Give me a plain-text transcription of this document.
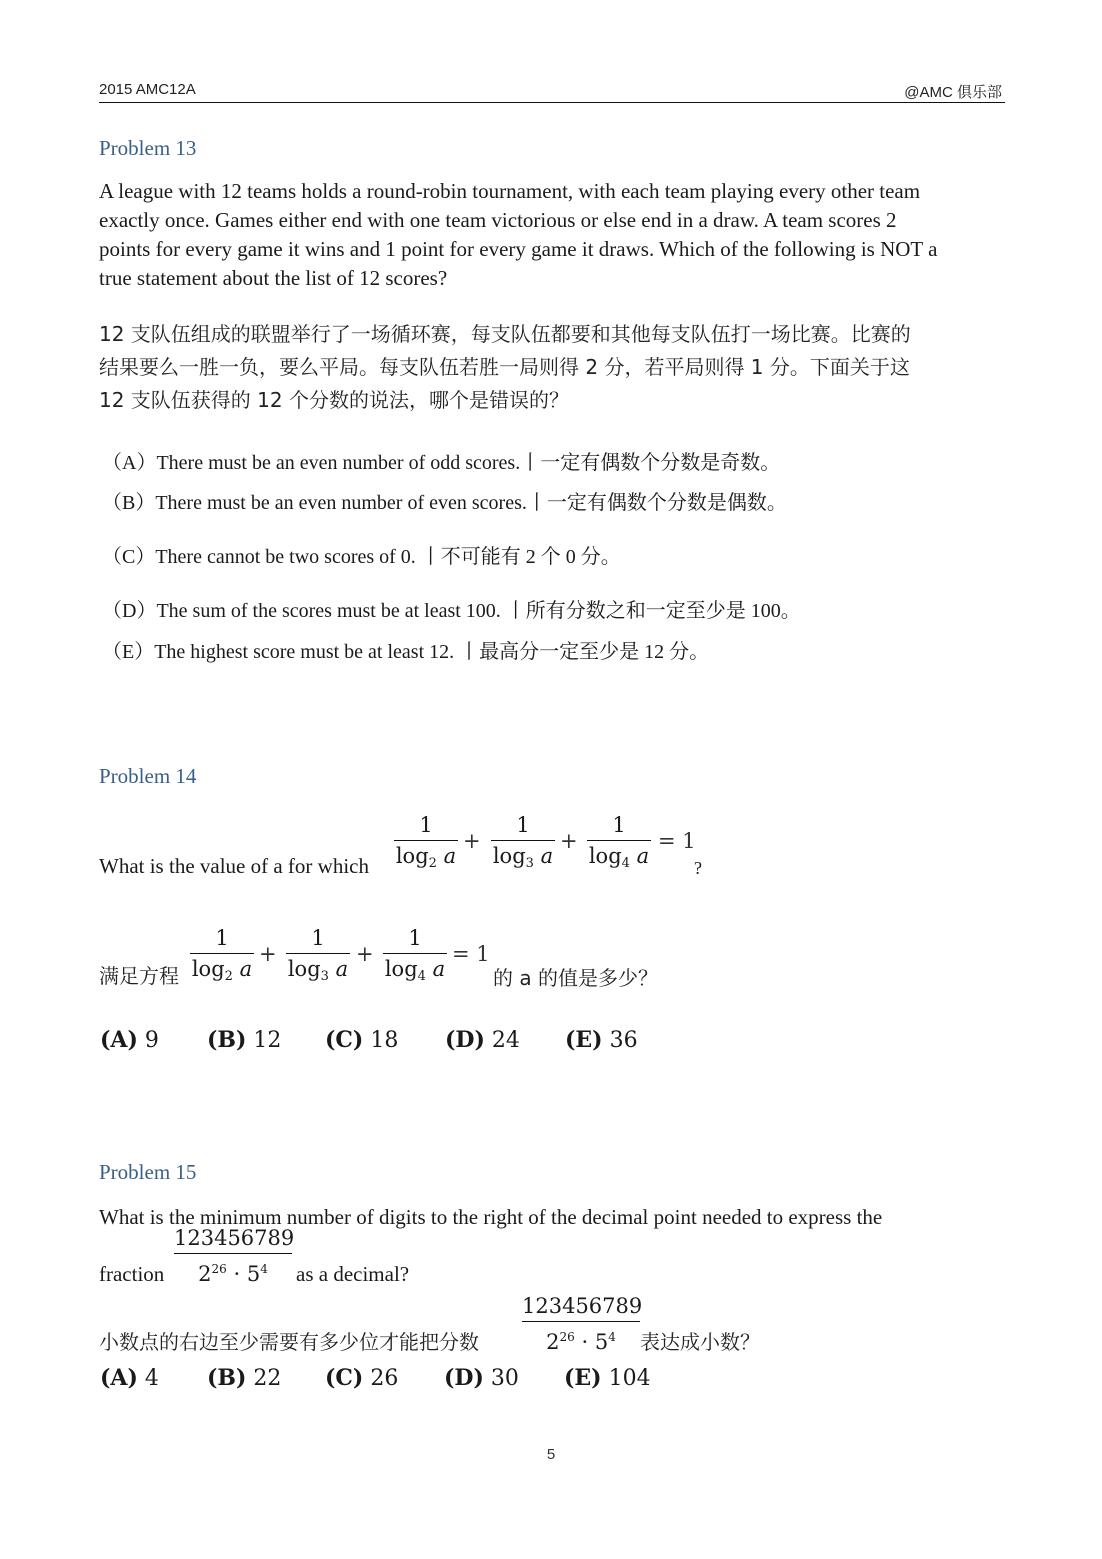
2015 AMC12A	@AMC 俱乐部
Problem 13
A league with 12 teams holds a round-robin tournament, with each team playing every other team
exactly once. Games either end with one team victorious or else end in a draw. A team scores 2
points for every game it wins and 1 point for every game it draws. Which of the following is NOT a
true statement about the list of 12 scores?
12 支队伍组成的联盟举行了一场循环赛，每支队伍都要和其他每支队伍打一场比赛。比赛的
结果要么一胜一负，要么平局。每支队伍若胜一局则得 2 分，若平局则得 1 分。下面关于这
12 支队伍获得的 12 个分数的说法，哪个是错误的？
（A）There must be an even number of odd scores.丨一定有偶数个分数是奇数。
（B）There must be an even number of even scores.丨一定有偶数个分数是偶数。
（C）There cannot be two scores of 0. 丨不可能有 2 个 0 分。
（D）The sum of the scores must be at least 100. 丨所有分数之和一定至少是 100。
（E）The highest score must be at least 12. 丨最高分一定至少是 12 分。
Problem 14
What is the value of a for which
1
$\log_2 a$
+
1
$\log_3 a$
+
1
$\log_4 a$
= 1
?
满足方程
1
$\log_2 a$
+
1
$\log_3 a$
+
1
$\log_4 a$
= 1
的 a 的值是多少？
(A) 9 (B) 12 (C) 18 (D) 24 (E) 36
Problem 15
What is the minimum number of digits to the right of the decimal point needed to express the
fraction
123456789
$2^{26} \cdot 5^4$	as a decimal?
小数点的右边至少需要有多少位才能把分数
123456789
$2^{26} \cdot 5^4$	表达成小数？
(A) 4 (B) 22 (C) 26 (D) 30 (E) 104
5
